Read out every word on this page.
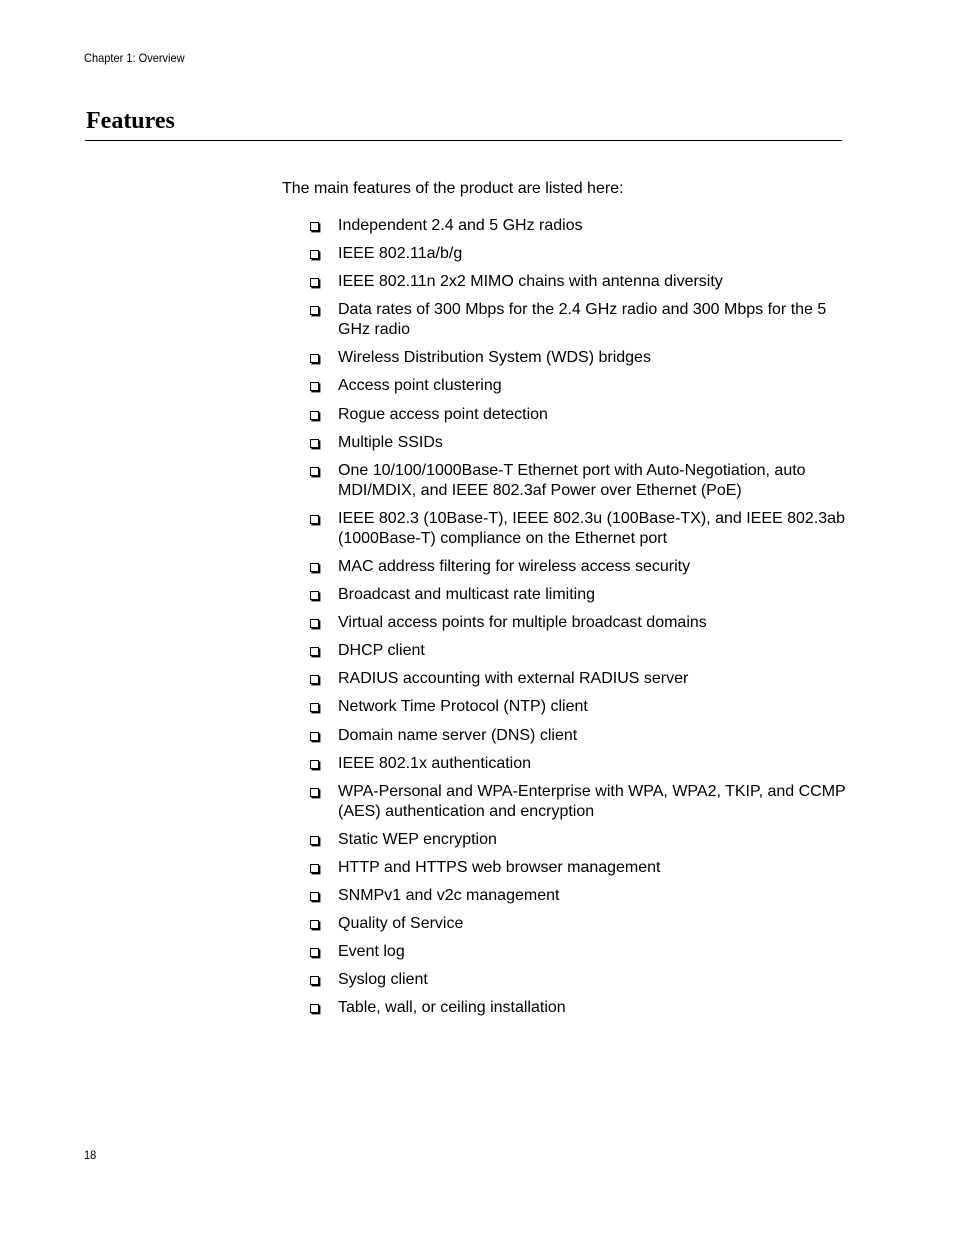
Chapter 1: Overview
Features

The main features of the product are listed here:

Independent 2.4 and 5 GHz radios
IEEE 802.11a/b/g
IEEE 802.11n 2x2 MIMO chains with antenna diversity
Data rates of 300 Mbps for the 2.4 GHz radio and 300 Mbps for the 5 GHz radio
Wireless Distribution System (WDS) bridges
Access point clustering
Rogue access point detection
Multiple SSIDs
One 10/100/1000Base-T Ethernet port with Auto-Negotiation, auto MDI/MDIX, and IEEE 802.3af Power over Ethernet (PoE)
IEEE 802.3 (10Base-T), IEEE 802.3u (100Base-TX), and IEEE 802.3ab (1000Base-T) compliance on the Ethernet port
MAC address filtering for wireless access security
Broadcast and multicast rate limiting
Virtual access points for multiple broadcast domains
DHCP client
RADIUS accounting with external RADIUS server
Network Time Protocol (NTP) client
Domain name server (DNS) client
IEEE 802.1x authentication
WPA-Personal and WPA-Enterprise with WPA, WPA2, TKIP, and CCMP (AES) authentication and encryption
Static WEP encryption
HTTP and HTTPS web browser management
SNMPv1 and v2c management
Quality of Service
Event log
Syslog client
Table, wall, or ceiling installation
18
